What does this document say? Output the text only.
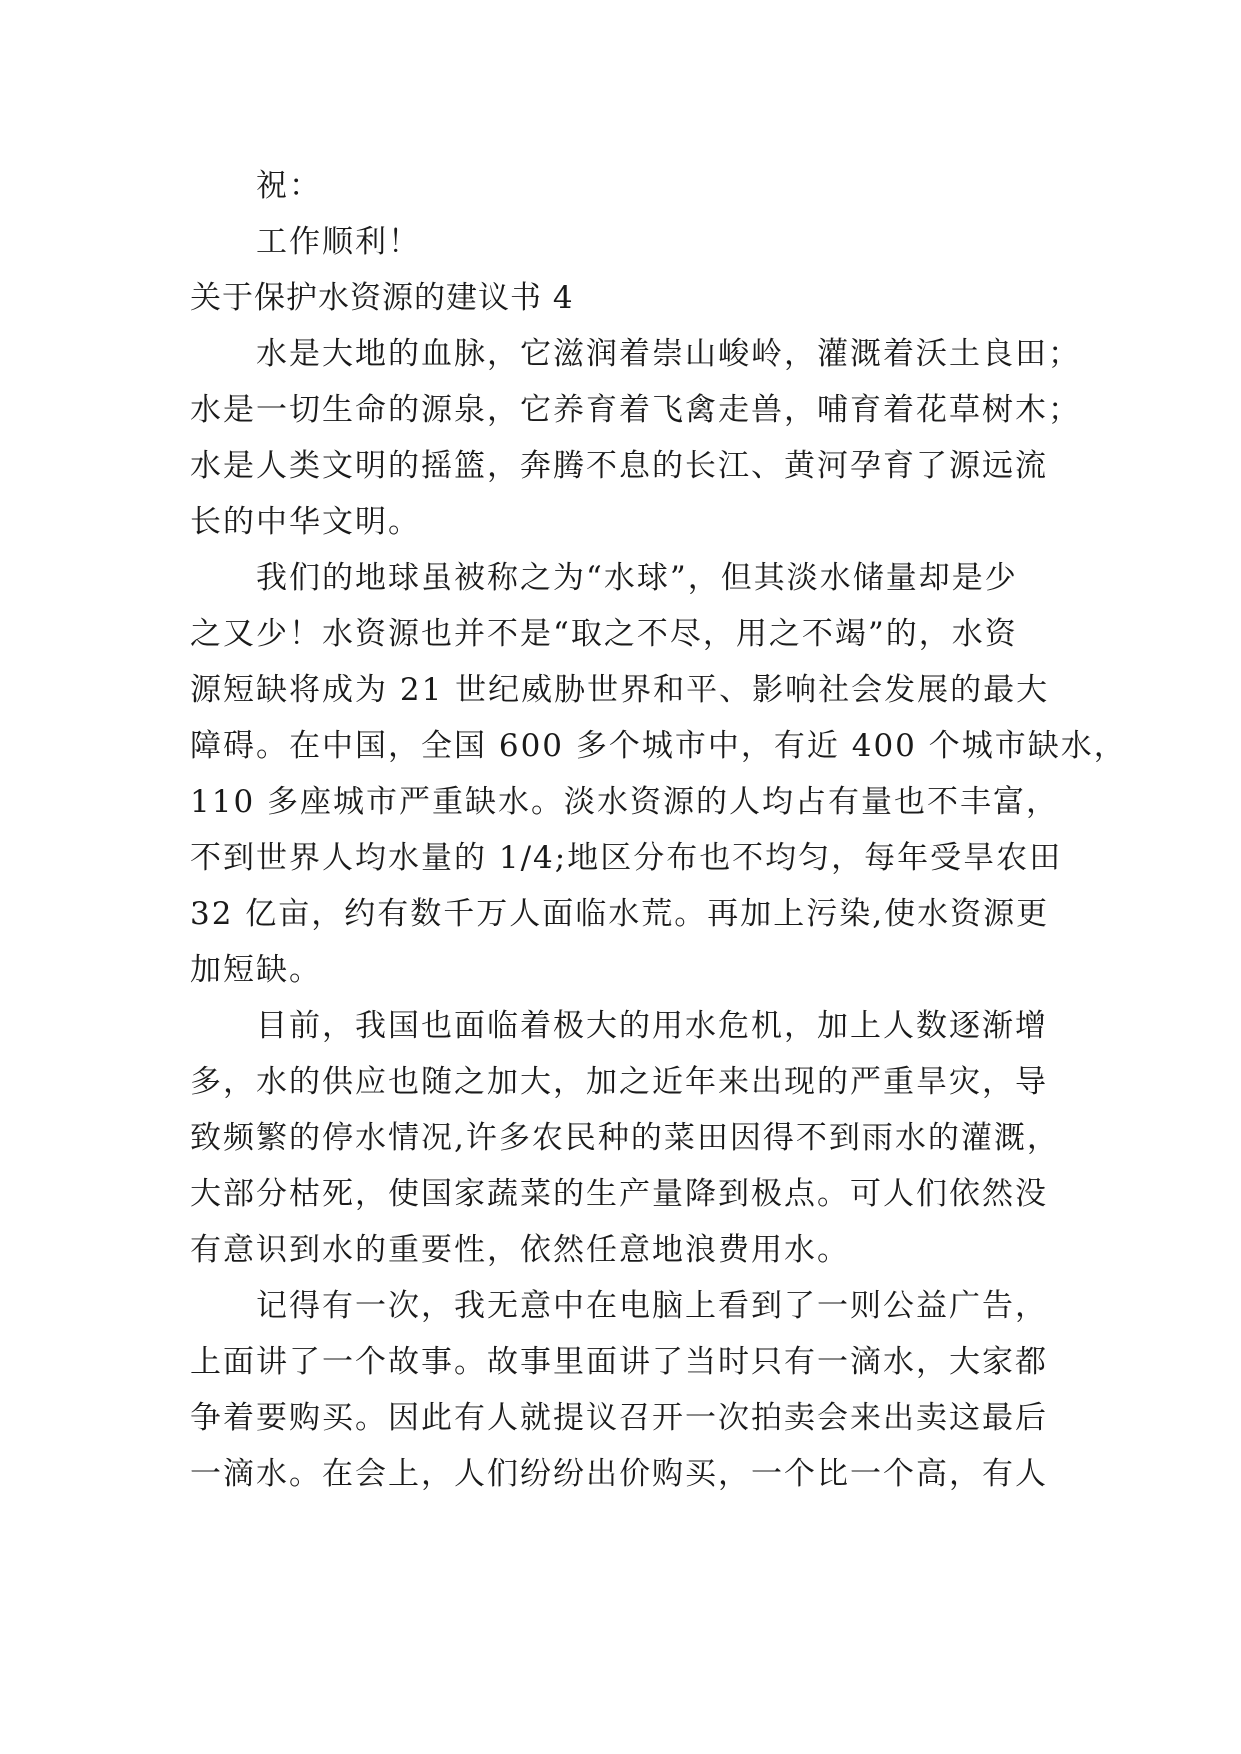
祝：
工作顺利！
关于保护水资源的建议书 4
水是大地的血脉，它滋润着崇山峻岭，灌溉着沃土良田；
水是一切生命的源泉，它养育着飞禽走兽，哺育着花草树木；
水是人类文明的摇篮，奔腾不息的长江、黄河孕育了源远流
长的中华文明。
我们的地球虽被称之为“水球”，但其淡水储量却是少
之又少！水资源也并不是“取之不尽，用之不竭”的，水资
源短缺将成为 21 世纪威胁世界和平、影响社会发展的最大
障碍。在中国，全国 600 多个城市中，有近 400 个城市缺水，
110 多座城市严重缺水。淡水资源的人均占有量也不丰富，
不到世界人均水量的 1/4;地区分布也不均匀，每年受旱农田
32 亿亩，约有数千万人面临水荒。再加上污染,使水资源更
加短缺。
目前，我国也面临着极大的用水危机，加上人数逐渐增
多，水的供应也随之加大，加之近年来出现的严重旱灾，导
致频繁的停水情况,许多农民种的菜田因得不到雨水的灌溉，
大部分枯死，使国家蔬菜的生产量降到极点。可人们依然没
有意识到水的重要性，依然任意地浪费用水。
记得有一次，我无意中在电脑上看到了一则公益广告，
上面讲了一个故事。故事里面讲了当时只有一滴水，大家都
争着要购买。因此有人就提议召开一次拍卖会来出卖这最后
一滴水。在会上，人们纷纷出价购买，一个比一个高，有人
